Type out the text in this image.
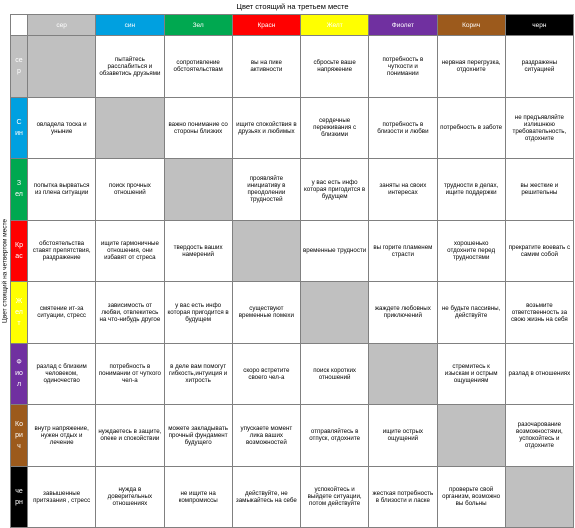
Цвет стоящий на третьем месте
Цвет стоящий на четвертом месте
	сер	син	Зел	Красн	Желт	Фиолет	Корич	черн
сер		пытайтесь расслабиться и обзаветись друзьями	сопротивление обстоятельствам	вы на пике активности	сбросьте ваше напряжение	потребность в чуткости и понимании	нервная перегрузка, отдохните	раздражены ситуацией
Син	овладела тоска и уныние		важно понимание со стороны близких	ищите спокойствия в друзьях и любимых	сердечные переживания с близкими	потребность в близости и любви	потребность в заботе	не предъявляйте излишнюю требовательность, отдохните
Зел	попытка вырваться из плена ситуации	поиск прочных отношений		проявляйте инициативу в преодолении трудностей	у вас есть инфо которая пригодится в будущем	заняты на своих интересах	трудности в делах, ищите поддержки	вы жесткие и решительны
Крас	обстоятельства ставят препятствия, раздражение	ищите гармоничные отношения, они избавят от стреса	твердость ваших намерений		временные трудности	вы горите пламенем страсти	хорошенько отдохните перед трудностями	прекратите воевать с самим собой
Желт	смятение ит-за ситуации, стресс	зависимость от любви, отвлекитесь на что-нибудь другое	у вас есть инфо которая пригодится в будущем	существуют временные помехи		жаждете любовных приключений	не будьте пассивны, действуйте	возьмите ответственность за свою жизнь на себя
Фиол	разлад с близким человеком, одиночество	потребность в понимании от чуткого чел-а	в деле вам помогут гибкость,интуиция и хитрость	скоро встретите своего чел-а	поиск коротких отношений		стремитесь к изыскам и острым ощущениям	разлад в отношениях
Корич	внутр напряжение, нужен отдых и лечение	нуждаетесь в защите, опеке и спокойствии	можете закладывать прочный фундамент будущего	упускаете момент лика ваших возможностей	отправляйтесь в отпуск, отдохните	ищите острых ощущений		разочарование возможностями, успокойтесь и отдохните
черн	завышенные притязания , стресс	нужда в доверительных отношениях	не ищите на компромиссы	действуйте, не замыкайтесь на себе	успокойтесь и выйдете ситуации, потом действуйте	жесткая потребность в близости и ласке	проверьте свой организм, возможно вы больны	
